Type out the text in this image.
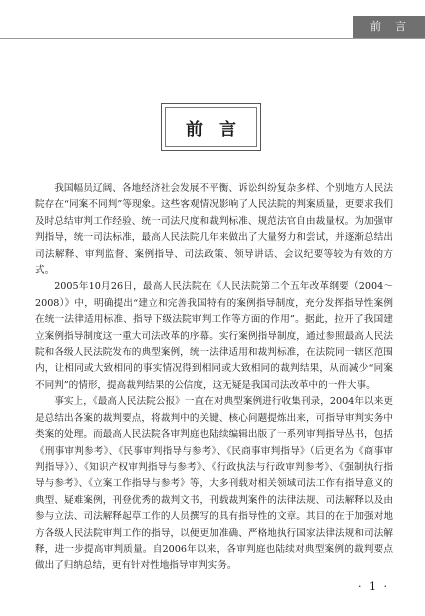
前言
前言

我国幅员辽阔、各地经济社会发展不平衡、诉讼纠纷复杂多样、个别地方人民法院存在“同案不同判”等现象。这些客观情况影响了人民法院的判案质量，更要求我们及时总结审判工作经验、统一司法尺度和裁判标准、规范法官自由裁量权。为加强审判指导，统一司法标准，最高人民法院几年来做出了大量努力和尝试，并逐渐总结出司法解释、审判监督、案例指导、司法政策、领导讲话、会议纪要等较为有效的方式。

2005年10月26日，最高人民法院在《人民法院第二个五年改革纲要（2004～2008）》中，明确提出“建立和完善我国特有的案例指导制度，充分发挥指导性案例在统一法律适用标准、指导下级法院审判工作等方面的作用”。据此，拉开了我国建立案例指导制度这一重大司法改革的序幕。实行案例指导制度，通过参照最高人民法院和各级人民法院发布的典型案例，统一法律适用和裁判标准，在法院同一辖区范围内，让相同或大致相同的事实情况得到相同或大致相同的裁判结果，从而减少“同案不同判”的情形，提高裁判结果的公信度，这无疑是我国司法改革中的一件大事。

事实上，《最高人民法院公报》一直在对典型案例进行收集刊录，2004年以来更是总结出各案的裁判要点，将裁判中的关键、核心问题提炼出来，可指导审判实务中类案的处理。而最高人民法院各审判庭也陆续编辑出版了一系列审判指导丛书，包括《刑事审判参考》、《民事审判指导与参考》、《民商事审判指导》（后更名为《商事审判指导》）、《知识产权审判指导与参考》、《行政执法与行政审判参考》、《强制执行指导与参考》、《立案工作指导与参考》等，大多刊载对相关领域司法工作有指导意义的典型、疑难案例，刊登优秀的裁判文书，刊载裁判案件的法律法规、司法解释以及由参与立法、司法解释起草工作的人员撰写的具有指导性的文章。其目的在于加强对地方各级人民法院审判工作的指导，以便更加准确、严格地执行国家法律法规和司法解释，进一步提高审判质量。自2006年以来，各审判庭也陆续对典型案例的裁判要点做出了归纳总结，更有针对性地指导审判实务。

· 1 ·
